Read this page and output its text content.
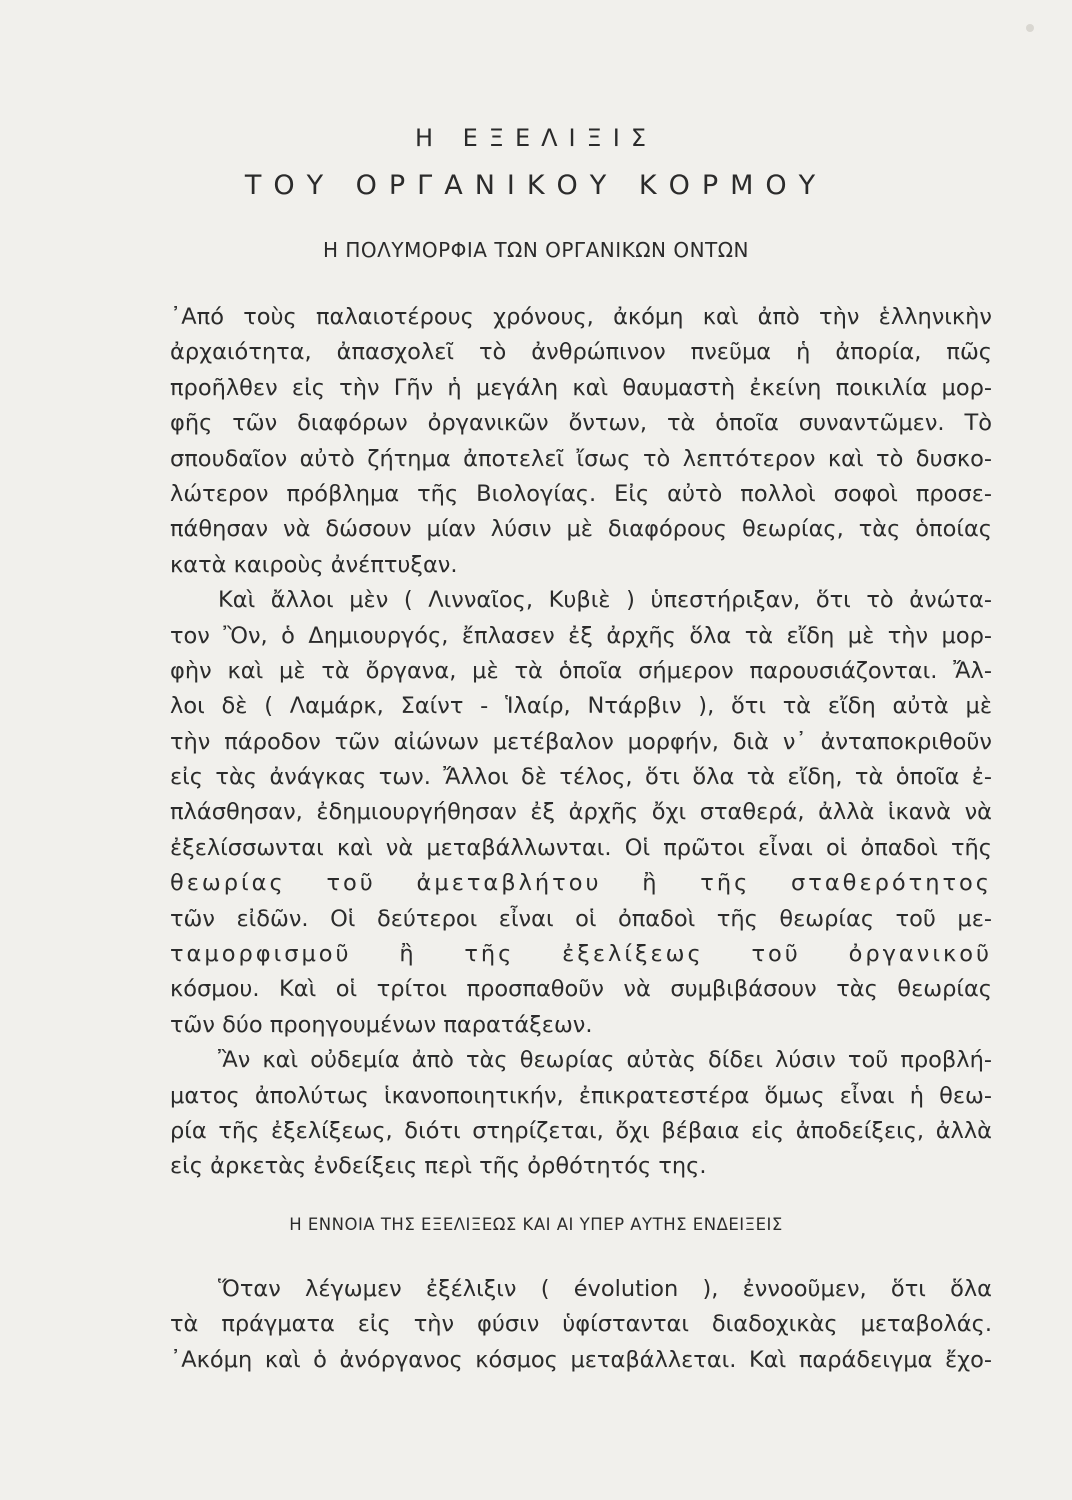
Η ΕΞΕΛΙΞΙΣ
ΤΟΥ ΟΡΓΑΝΙΚΟΥ ΚΟΡΜΟΥ
Η ΠΟΛΥΜΟΡΦΙΑ ΤΩΝ ΟΡΓΑΝΙΚΩΝ ΟΝΤΩΝ
᾿Από τοὺς παλαιοτέρους χρόνους, ἀκόμη καὶ ἀπὸ τὴν ἑλληνικὴν
ἀρχαιότητα, ἀπασχολεῖ τὸ ἀνθρώπινον πνεῦμα ἡ ἀπορία, πῶς
προῆλθεν εἰς τὴν Γῆν ἡ μεγάλη καὶ θαυμαστὴ ἐκείνη ποικιλία μορ-
φῆς τῶν διαφόρων ὀργανικῶν ὄντων, τὰ ὁποῖα συναντῶμεν. Τὸ
σπουδαῖον αὐτὸ ζήτημα ἀποτελεῖ ἴσως τὸ λεπτότερον καὶ τὸ δυσκο-
λώτερον πρόβλημα τῆς Βιολογίας. Εἰς αὐτὸ πολλοὶ σοφοὶ προσε-
πάθησαν νὰ δώσουν μίαν λύσιν μὲ διαφόρους θεωρίας, τὰς ὁποίας
κατὰ καιροὺς ἀνέπτυξαν.
Καὶ ἄλλοι μὲν ( Λινναῖος, Κυβιὲ ) ὑπεστήριξαν, ὅτι τὸ ἀνώτα-
τον Ὂν, ὁ Δημιουργός, ἔπλασεν ἐξ ἀρχῆς ὅλα τὰ εἴδη μὲ τὴν μορ-
φὴν καὶ μὲ τὰ ὄργανα, μὲ τὰ ὁποῖα σήμερον παρουσιάζονται. Ἄλ-
λοι δὲ ( Λαμάρκ, Σαίντ - Ἱλαίρ, Ντάρβιν ), ὅτι τὰ εἴδη αὐτὰ μὲ
τὴν πάροδον τῶν αἰώνων μετέβαλον μορφήν, διὰ ν᾿ ἀνταποκριθοῦν
εἰς τὰς ἀνάγκας των. Ἄλλοι δὲ τέλος, ὅτι ὅλα τὰ εἴδη, τὰ ὁποῖα ἐ-
πλάσθησαν, ἐδημιουργήθησαν ἐξ ἀρχῆς ὄχι σταθερά, ἀλλὰ ἱκανὰ νὰ
ἐξελίσσωνται καὶ νὰ μεταβάλλωνται. Οἱ πρῶτοι εἶναι οἱ ὀπαδοὶ τῆς
θεωρίας τοῦ ἀμεταβλήτου ἢ τῆς σταθερότητος
τῶν εἰδῶν. Οἱ δεύτεροι εἶναι οἱ ὀπαδοὶ τῆς θεωρίας τοῦ με-
ταμορφισμοῦ ἢ τῆς ἐξελίξεως τοῦ ὀργανικοῦ
κόσμου. Καὶ οἱ τρίτοι προσπαθοῦν νὰ συμβιβάσουν τὰς θεωρίας
τῶν δύο προηγουμένων παρατάξεων.
Ἂν καὶ οὐδεμία ἀπὸ τὰς θεωρίας αὐτὰς δίδει λύσιν τοῦ προβλή-
ματος ἀπολύτως ἱκανοποιητικήν, ἐπικρατεστέρα ὅμως εἶναι ἡ θεω-
ρία τῆς ἐξελίξεως, διότι στηρίζεται, ὄχι βέβαια εἰς ἀποδείξεις, ἀλλὰ
εἰς ἀρκετὰς ἐνδείξεις περὶ τῆς ὀρθότητός της.
Η ΕΝΝΟΙΑ ΤΗΣ ΕΞΕΛΙΞΕΩΣ ΚΑΙ ΑΙ ΥΠΕΡ ΑΥΤΗΣ ΕΝΔΕΙΞΕΙΣ
Ὅταν λέγωμεν ἐξέλιξιν ( évolution ), ἐννοοῦμεν, ὅτι ὅλα
τὰ πράγματα εἰς τὴν φύσιν ὑφίστανται διαδοχικὰς μεταβολάς.
᾿Ακόμη καὶ ὁ ἀνόργανος κόσμος μεταβάλλεται. Καὶ παράδειγμα ἔχο-
